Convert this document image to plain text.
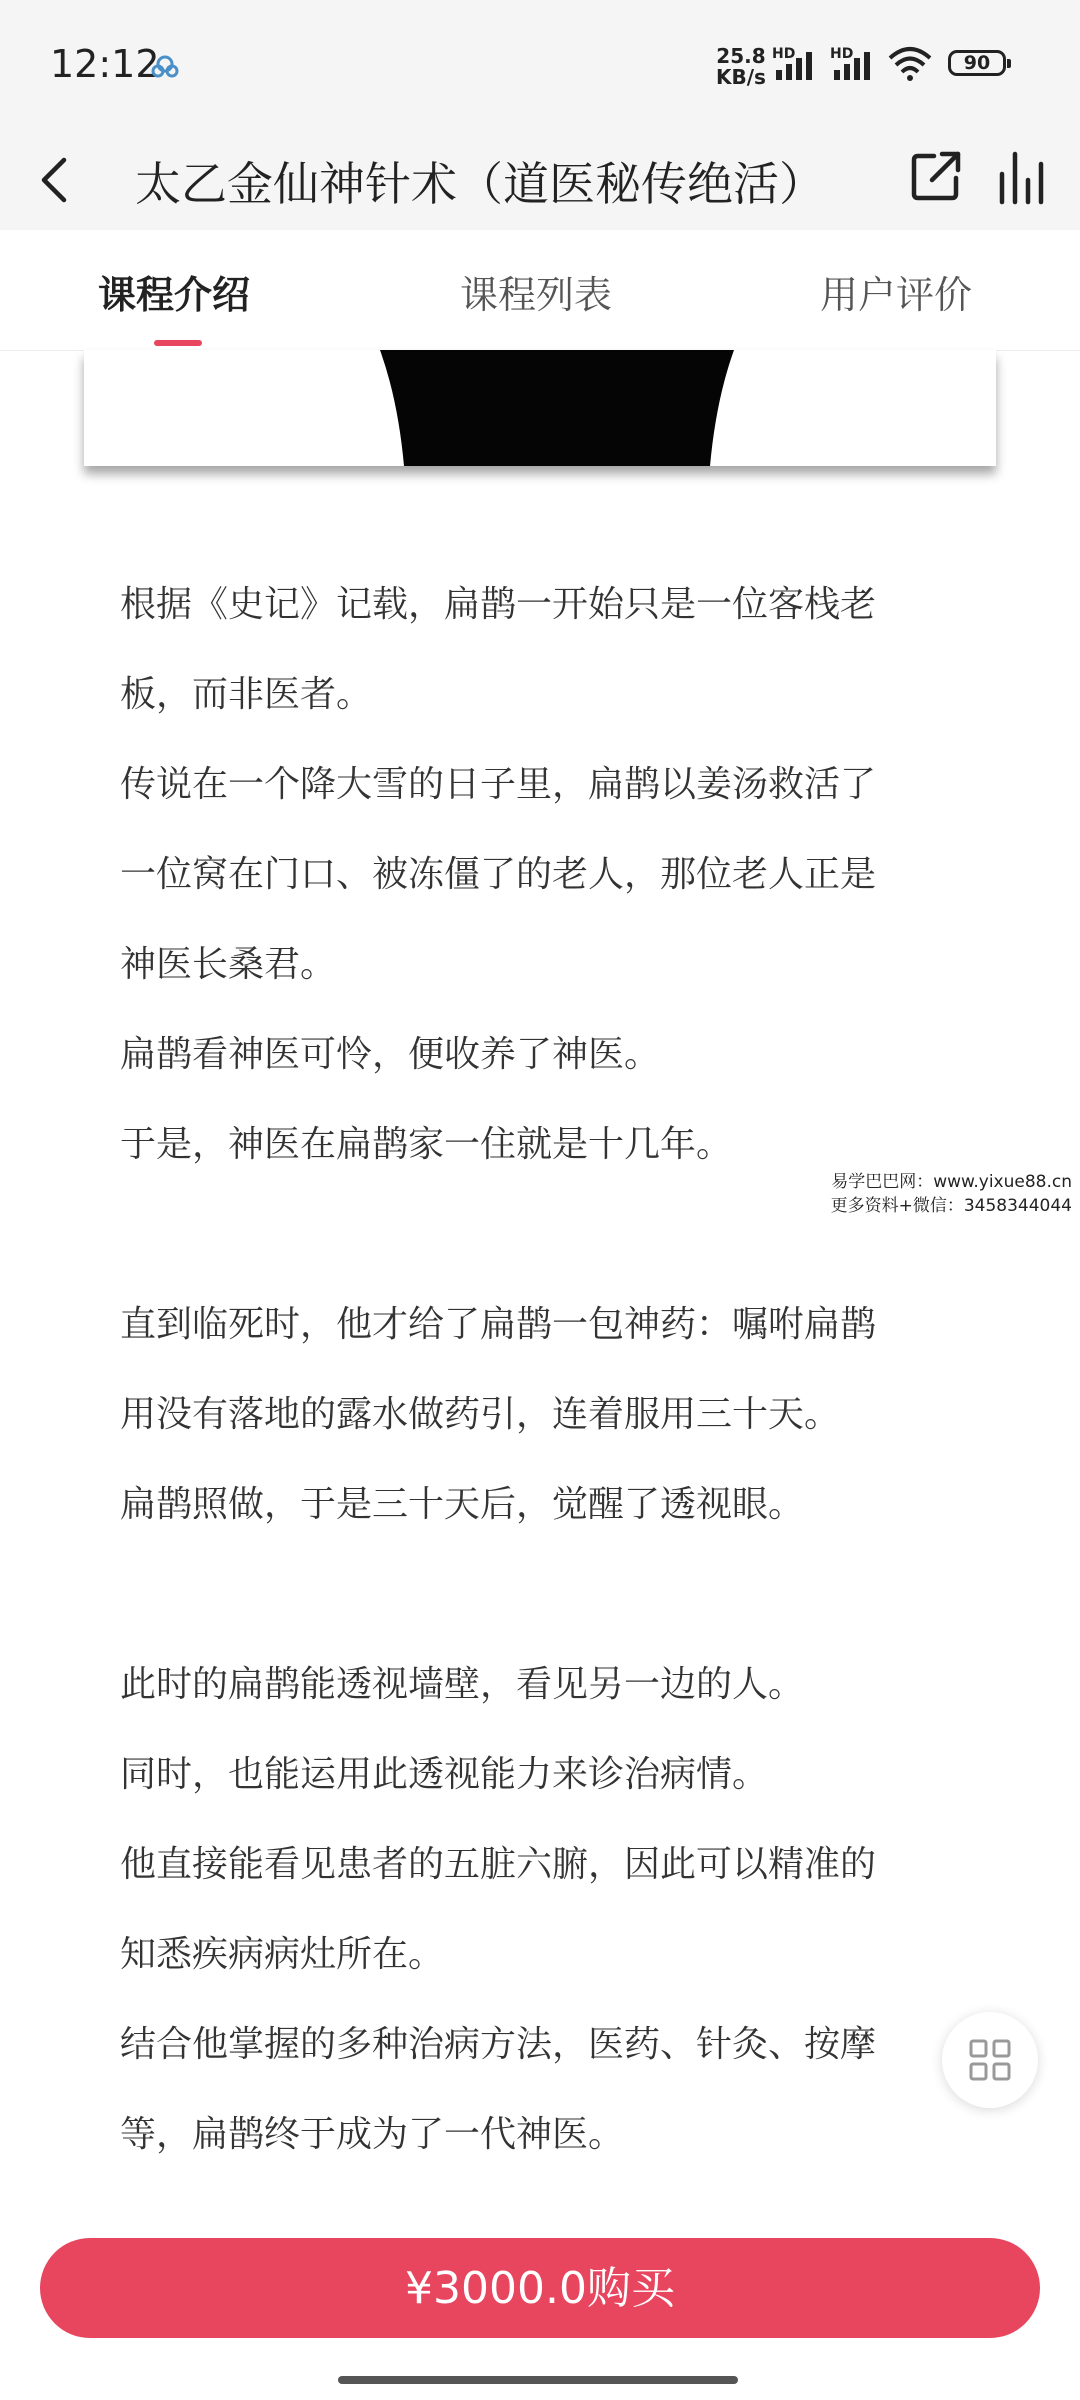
12:12	25.8
KB/s
HD HD	90
太乙金仙神针术（道医秘传绝活）
课程介绍	课程列表	用户评价

根据《史记》记载，扁鹊一开始只是一位客栈老

板，而非医者。

传说在一个降大雪的日子里，扁鹊以姜汤救活了

一位窝在门口、被冻僵了的老人，那位老人正是

神医长桑君。

扁鹊看神医可怜，便收养了神医。

于是，神医在扁鹊家一住就是十几年。

直到临死时，他才给了扁鹊一包神药：嘱咐扁鹊

用没有落地的露水做药引，连着服用三十天。

扁鹊照做，于是三十天后，觉醒了透视眼。

此时的扁鹊能透视墙壁，看见另一边的人。

同时，也能运用此透视能力来诊治病情。

他直接能看见患者的五脏六腑，因此可以精准的

知悉疾病病灶所在。

结合他掌握的多种治病方法，医药、针灸、按摩

等，扁鹊终于成为了一代神医。

易学巴巴网：www.yixue88.cn
更多资料+微信：3458344044
¥3000.0购买
